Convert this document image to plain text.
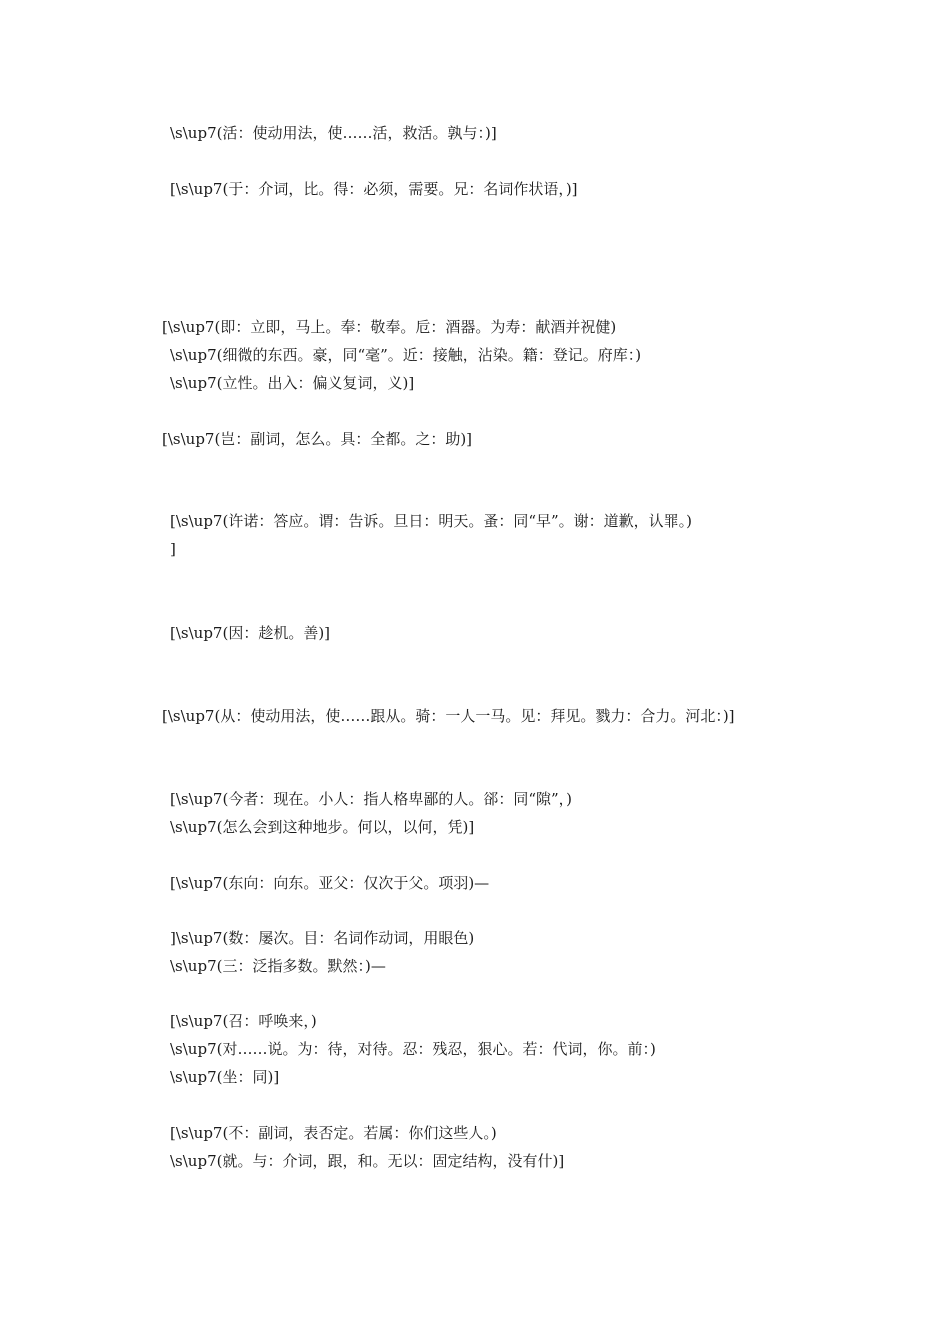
\s\up7(活：使动用法，使……活，救活。孰与：)]
[\s\up7(于：介词，比。得：必须，需要。兄：名词作状语，)]
[\s\up7(即：立即，马上。奉：敬奉。卮：酒器。为寿：献酒并祝健)
\s\up7(细微的东西。豪，同“毫”。近：接触，沾染。籍：登记。府库：)
\s\up7(立性。出入：偏义复词，义)]
[\s\up7(岂：副词，怎么。具：全都。之：助)]
[\s\up7(许诺：答应。谓：告诉。旦日：明天。蚤：同“早”。谢：道歉，认罪。)
]
[\s\up7(因：趁机。善)]
[\s\up7(从：使动用法，使……跟从。骑：一人一马。见：拜见。戮力：合力。河北：)]
[\s\up7(今者：现在。小人：指人格卑鄙的人。郤：同“隙”，)
\s\up7(怎么会到这种地步。何以，以何，凭)]
[\s\up7(东向：向东。亚父：仅次于父。项羽)—
]\s\up7(数：屡次。目：名词作动词，用眼色)
\s\up7(三：泛指多数。默然：)—
[\s\up7(召：呼唤来，)
\s\up7(对……说。为：待，对待。忍：残忍，狠心。若：代词，你。前：)
\s\up7(坐：同)]
[\s\up7(不：副词，表否定。若属：你们这些人。)
\s\up7(就。与：介词，跟，和。无以：固定结构，没有什)]
